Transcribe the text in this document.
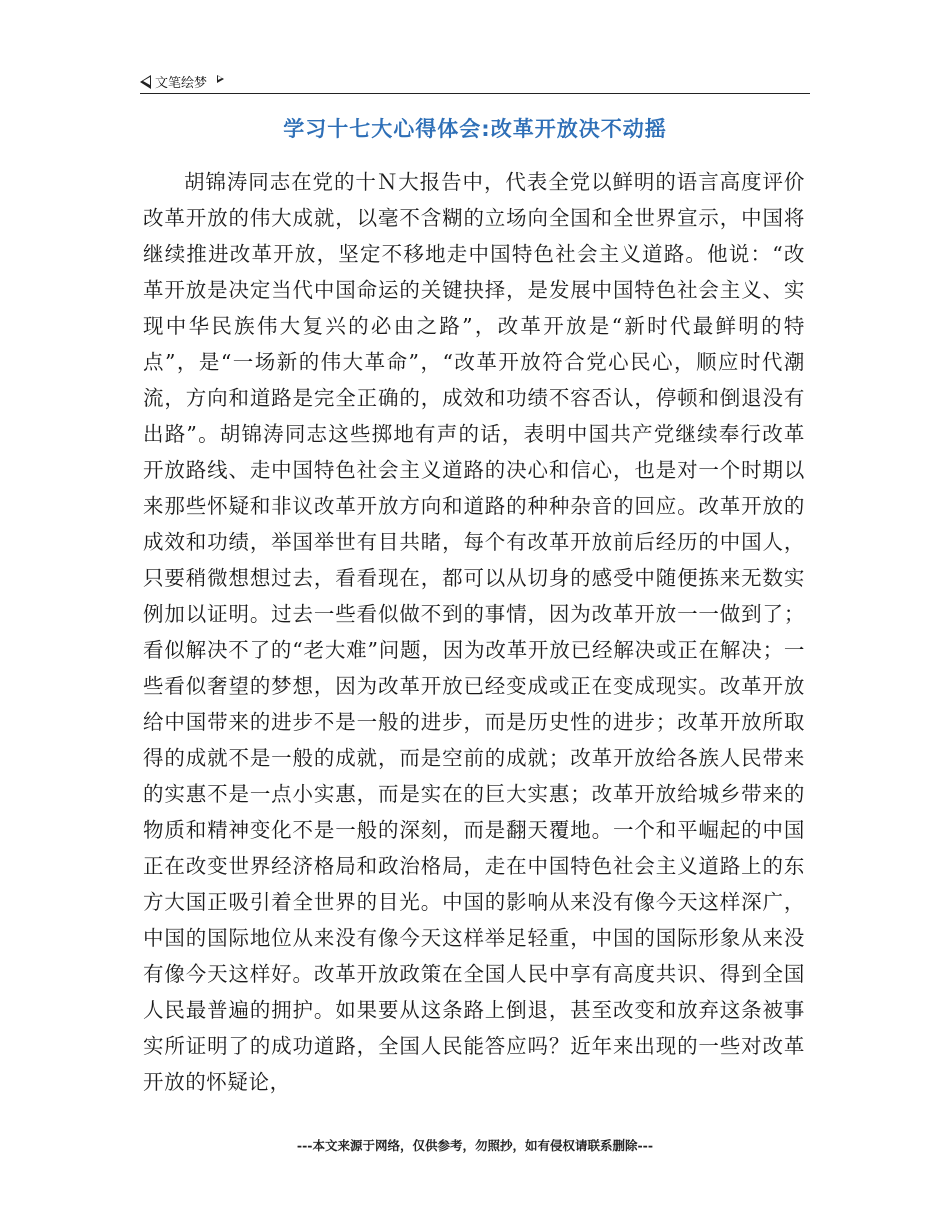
文笔绘梦
学习十七大心得体会:改革开放决不动摇

胡锦涛同志在党的十Ｎ大报告中，代表全党以鲜明的语言高度评价改革开放的伟大成就，以毫不含糊的立场向全国和全世界宣示，中国将继续推进改革开放，坚定不移地走中国特色社会主义道路。他说：“改革开放是决定当代中国命运的关键抉择，是发展中国特色社会主义、实现中华民族伟大复兴的必由之路”，改革开放是“新时代最鲜明的特点”，是“一场新的伟大革命”，“改革开放符合党心民心，顺应时代潮流，方向和道路是完全正确的，成效和功绩不容否认，停顿和倒退没有出路”。胡锦涛同志这些掷地有声的话，表明中国共产党继续奉行改革开放路线、走中国特色社会主义道路的决心和信心，也是对一个时期以来那些怀疑和非议改革开放方向和道路的种种杂音的回应。改革开放的成效和功绩，举国举世有目共睹，每个有改革开放前后经历的中国人，只要稍微想想过去，看看现在，都可以从切身的感受中随便拣来无数实例加以证明。过去一些看似做不到的事情，因为改革开放一一做到了；看似解决不了的“老大难”问题，因为改革开放已经解决或正在解决；一些看似奢望的梦想，因为改革开放已经变成或正在变成现实。改革开放给中国带来的进步不是一般的进步，而是历史性的进步；改革开放所取得的成就不是一般的成就，而是空前的成就；改革开放给各族人民带来的实惠不是一点小实惠，而是实在的巨大实惠；改革开放给城乡带来的物质和精神变化不是一般的深刻，而是翻天覆地。一个和平崛起的中国正在改变世界经济格局和政治格局，走在中国特色社会主义道路上的东方大国正吸引着全世界的目光。中国的影响从来没有像今天这样深广，中国的国际地位从来没有像今天这样举足轻重，中国的国际形象从来没有像今天这样好。改革开放政策在全国人民中享有高度共识、得到全国人民最普遍的拥护。如果要从这条路上倒退，甚至改变和放弃这条被事实所证明了的成功道路，全国人民能答应吗？近年来出现的一些对改革开放的怀疑论，

---本文来源于网络，仅供参考，勿照抄，如有侵权请联系删除---
